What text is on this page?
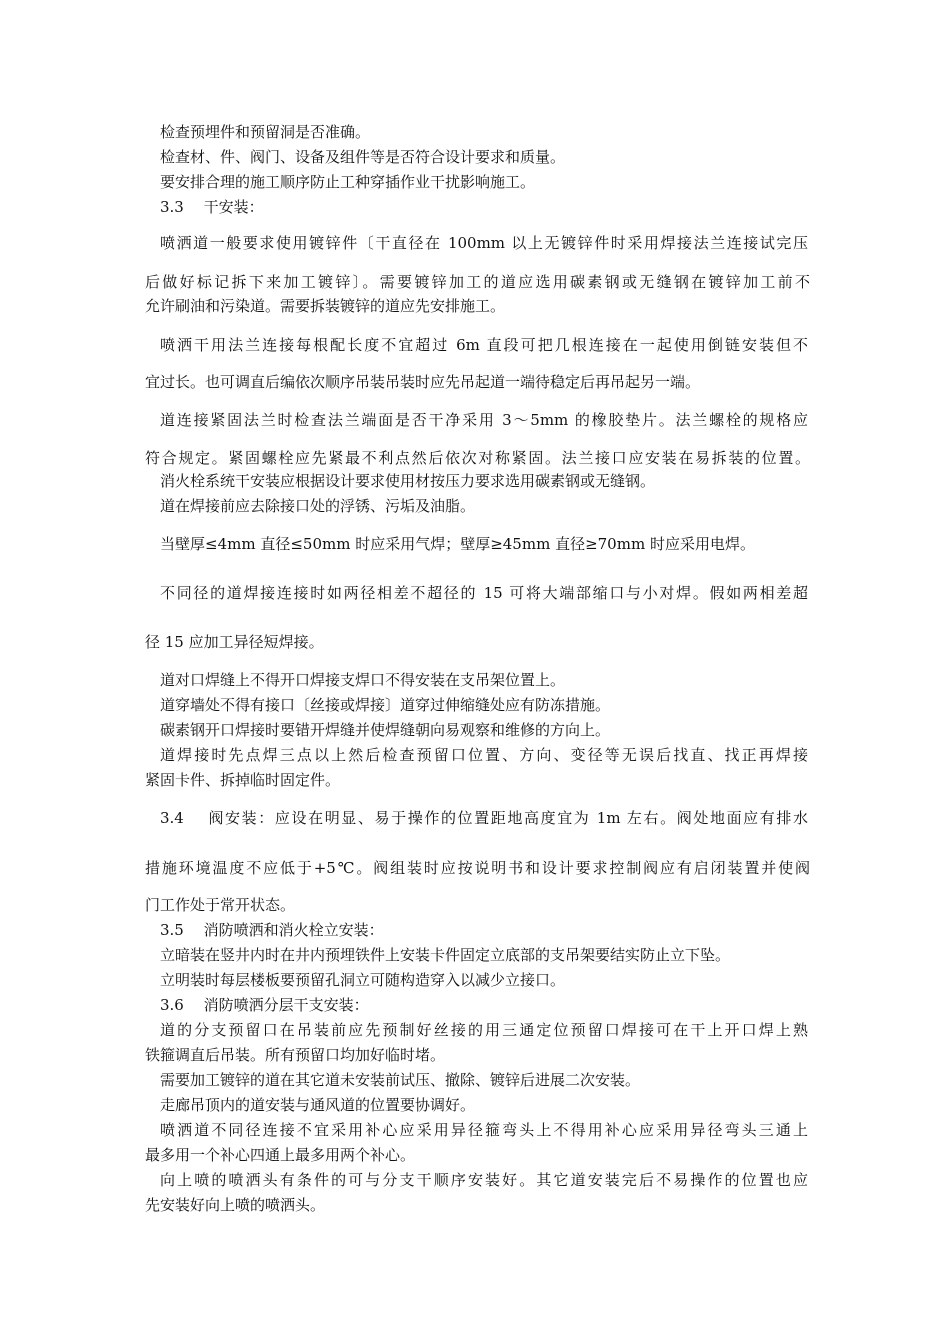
检查预埋件和预留洞是否准确。
检查材、件、阀门、设备及组件等是否符合设计要求和质量。
要安排合理的施工顺序防止工种穿插作业干扰影响施工。
3.3　 干安装：
喷洒道一般要求使用镀锌件〔干直径在 100mm 以上无镀锌件时采用焊接法兰连接试完压
后做好标记拆下来加工镀锌〕。需要镀锌加工的道应选用碳素钢或无缝钢在镀锌加工前不
允许刷油和污染道。需要拆装镀锌的道应先安排施工。
喷洒干用法兰连接每根配长度不宜超过 6m 直段可把几根连接在一起使用倒链安装但不
宜过长。也可调直后编依次顺序吊装吊装时应先吊起道一端待稳定后再吊起另一端。
道连接紧固法兰时检查法兰端面是否干净采用 3～5mm 的橡胶垫片。法兰螺栓的规格应
符合规定。紧固螺栓应先紧最不利点然后依次对称紧固。法兰接口应安装在易拆装的位置。
消火栓系统干安装应根据设计要求使用材按压力要求选用碳素钢或无缝钢。
道在焊接前应去除接口处的浮锈、污垢及油脂。
当壁厚≤4mm 直径≤50mm 时应采用气焊；壁厚≥45mm 直径≥70mm 时应采用电焊。
不同径的道焊接连接时如两径相差不超径的 15 可将大端部缩口与小对焊。假如两相差超
径 15 应加工异径短焊接。
道对口焊缝上不得开口焊接支焊口不得安装在支吊架位置上。
道穿墙处不得有接口〔丝接或焊接〕道穿过伸缩缝处应有防冻措施。
碳素钢开口焊接时要错开焊缝并使焊缝朝向易观察和维修的方向上。
道焊接时先点焊三点以上然后检查预留口位置、方向、变径等无误后找直、找正再焊接
紧固卡件、拆掉临时固定件。
3.4　 阀安装：应设在明显、易于操作的位置距地高度宜为 1m 左右。阀处地面应有排水
措施环境温度不应低于+5℃。阀组装时应按说明书和设计要求控制阀应有启闭装置并使阀
门工作处于常开状态。
3.5　 消防喷洒和消火栓立安装：
立暗装在竖井内时在井内预埋铁件上安装卡件固定立底部的支吊架要结实防止立下坠。
立明装时每层楼板要预留孔洞立可随构造穿入以减少立接口。
3.6　 消防喷洒分层干支安装：
道的分支预留口在吊装前应先预制好丝接的用三通定位预留口焊接可在干上开口焊上熟
铁箍调直后吊装。所有预留口均加好临时堵。
需要加工镀锌的道在其它道未安装前试压、撤除、镀锌后进展二次安装。
走廊吊顶内的道安装与通风道的位置要协调好。
喷洒道不同径连接不宜采用补心应采用异径箍弯头上不得用补心应采用异径弯头三通上
最多用一个补心四通上最多用两个补心。
向上喷的喷洒头有条件的可与分支干顺序安装好。其它道安装完后不易操作的位置也应
先安装好向上喷的喷洒头。
